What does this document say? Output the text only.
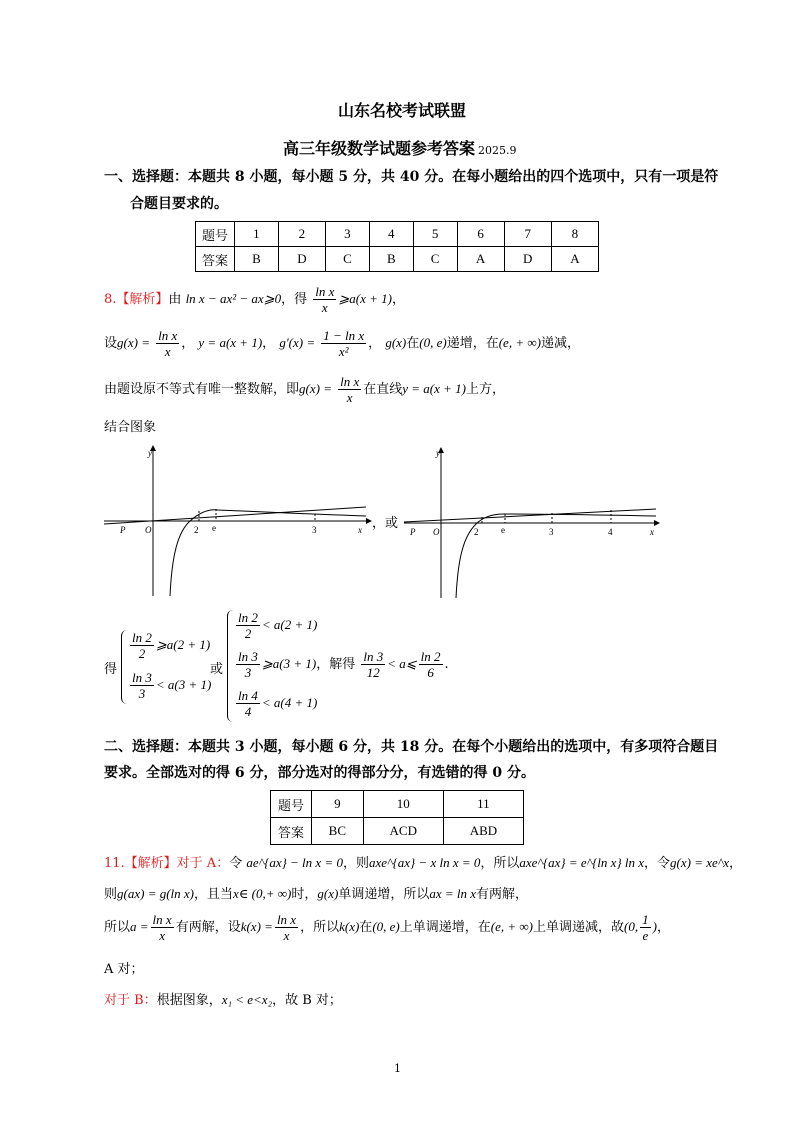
山东名校考试联盟
高三年级数学试题参考答案 2025.9
一、选择题：本题共 8 小题，每小题 5 分，共 40 分。在每小题给出的四个选项中，只有一项是符
合题目要求的。
题号	1	2	3	4	5	6	7	8
答案	B	D	C	B	C	A	D	A
8.【解析】由 ln x − ax² − ax⩾0，得 $\frac{\text{ln x}}{x}$ ⩾a(x + 1)，
设$g(x) = \frac{\text{ln x}}{x}$ ， y = a(x + 1)， $g'(x) = \frac{\text{1 − ln x}}{\text{x²}}$ ， g(x)在(0, e)递增，在(e, + ∞)递减，
由题设原不等式有唯一整数解，即$g(x) = \frac{\text{ln x}}{x}$ 在直线y = a(x + 1)上方，
结合图象
y
x
P O	2 e	3	，或
y
x
P O	2	e	3	4
得
$\frac{\ln 2}{2}$ ⩾a(2 + 1)
$\frac{\ln 3}{3} < a(3 + 1)$
或
$\frac{\ln 2}{2} < a(2 + 1)$
$\frac{\ln 3}{3}$ ⩾a(3 + 1)，解得 $\frac{\ln 3}{12}$ < a⩽ $\frac{\ln 2}{6}$ .
$\frac{\ln 4}{4} < a(4 + 1)$
二、选择题：本题共 3 小题，每小题 6 分，共 18 分。在每个小题给出的选项中，有多项符合题目
要求。全部选对的得 6 分，部分选对的得部分分，有选错的得 0 分。
题号	9	10	11
答案	BC	ACD	ABD
11.【解析】对于 A：令 ae^{ax} − ln x = 0，则axe^{ax} − x ln x = 0，所以axe^{ax} = e^{ln x} ln x，令g(x) = xe^x，
则g(ax) = g(ln x)，且当x∈ (0,+ ∞)时，g(x)单调递增，所以ax = ln x有两解，
所以$a = \frac{\text{ln x}}{x}$ 有两解，设$k(x) = \frac{\text{ln x}}{x}$ ，所以k(x)在(0, e)上单调递增，在(e, + ∞)上单调递减，故(0, $\frac{1}{e}$ )，
A 对；
对于 B：根据图象，x₁ < e<x₂，故 B 对；
1
